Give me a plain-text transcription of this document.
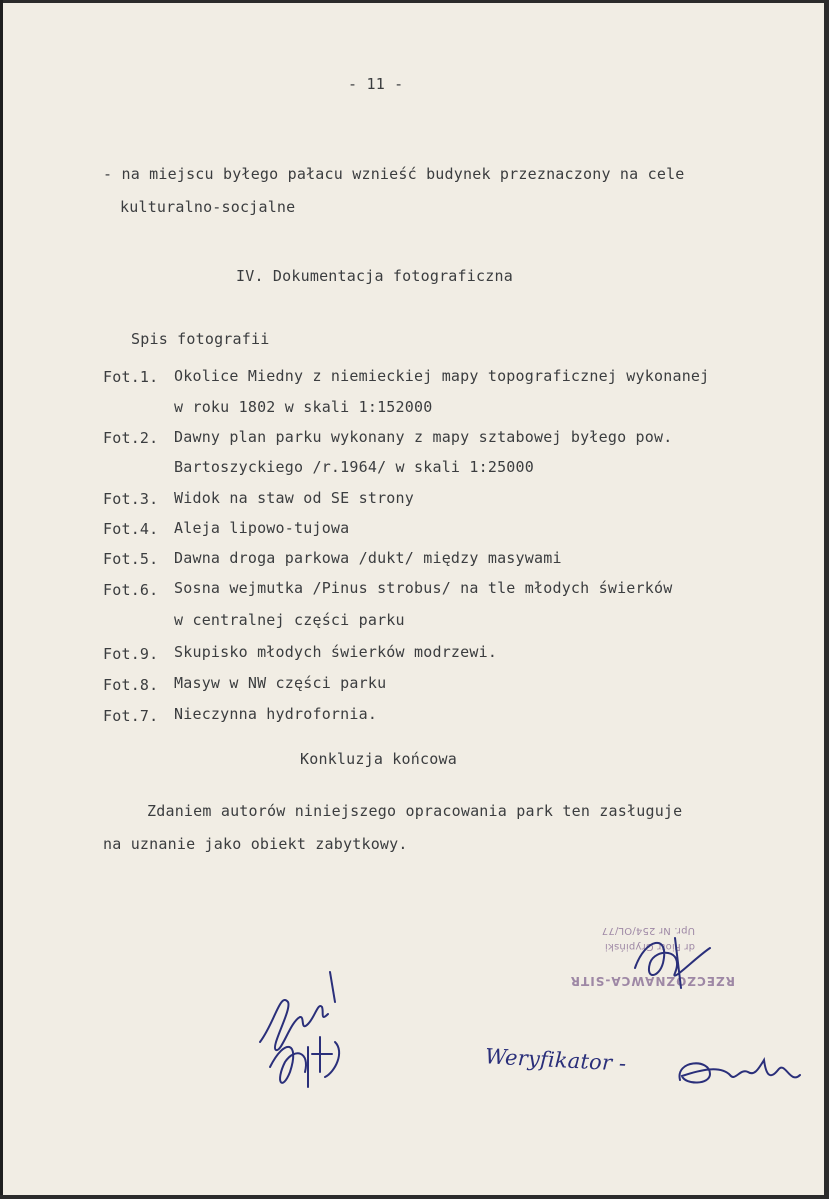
- 11 -
- na miejscu byłego pałacu wznieść budynek przeznaczony na cele
kulturalno-socjalne
IV. Dokumentacja fotograficzna
Spis fotografii
Fot.1. Okolice Miedny z niemieckiej mapy topograficznej wykonanej
w roku 1802 w skali 1:152000
Fot.2. Dawny plan parku wykonany z mapy sztabowej byłego pow.
Bartoszyckiego /r.1964/ w skali 1:25000
Fot.3. Widok na staw od SE strony
Fot.4. Aleja lipowo-tujowa
Fot.5. Dawna droga parkowa /dukt/ między masywami
Fot.6. Sosna wejmutka /Pinus strobus/ na tle młodych świerków
w centralnej części parku
Fot.9. Skupisko młodych świerków modrzewi.
Fot.8. Masyw w NW części parku
Fot.7. Nieczynna hydrofornia.
Konkluzja końcowa
Zdaniem autorów niniejszego opracowania park ten zasługuje
na uznanie jako obiekt zabytkowy.
RZECZOZNAWCA-SITR
dr Piotr Grypiński
Upr. Nr 254/OL/77
Weryfikator -
